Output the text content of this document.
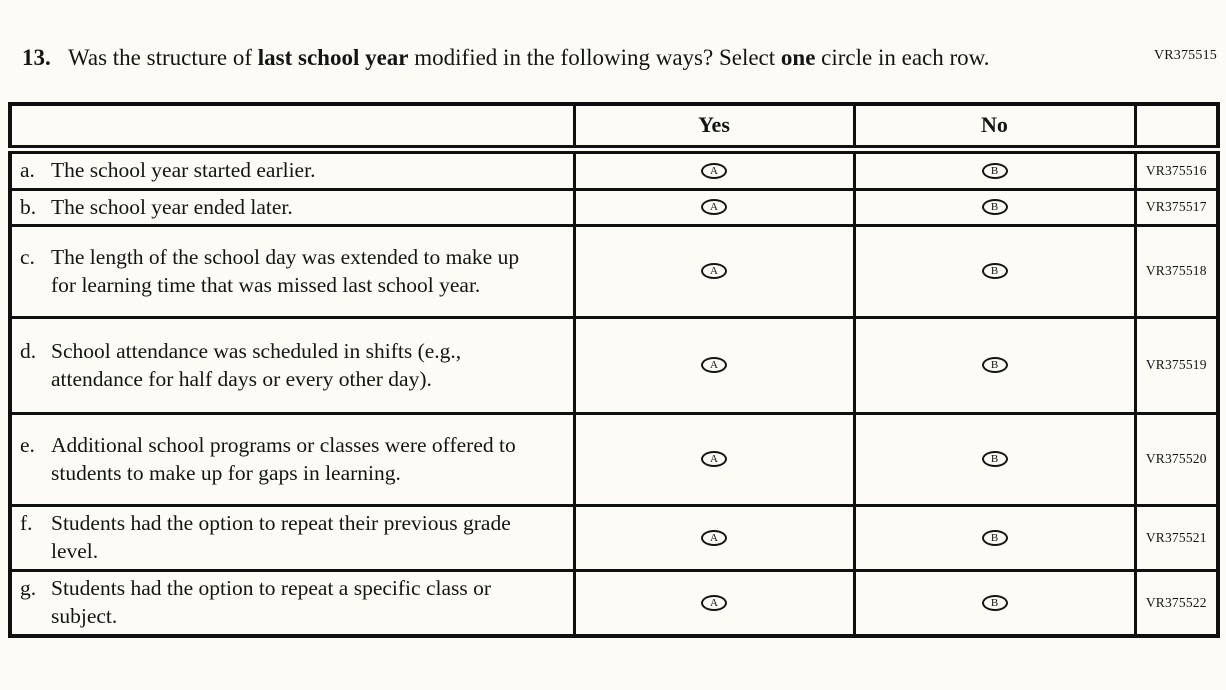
VR375515
13. Was the structure of last school year modified in the following ways? Select one circle in each row.
	Yes	No	

a. The school year started earlier.	A	B	VR375516

b. The school year ended later.	A	B	VR375517

c. The length of the school day was extended to make up for learning time that was missed last school year.	A	B	VR375518

d. School attendance was scheduled in shifts (e.g., attendance for half days or every other day).	A	B	VR375519

e. Additional school programs or classes were offered to students to make up for gaps in learning.	A	B	VR375520

f. Students had the option to repeat their previous grade level.	A	B	VR375521

g. Students had the option to repeat a specific class or subject.	A	B	VR375522
